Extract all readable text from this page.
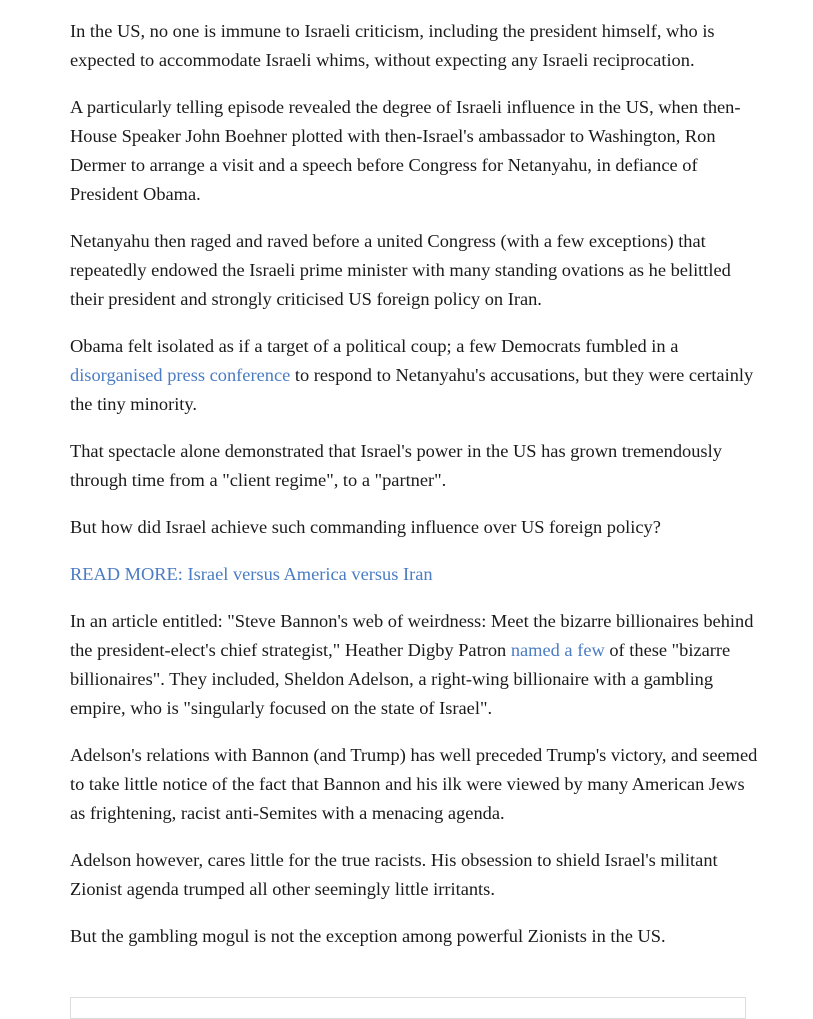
In the US, no one is immune to Israeli criticism, including the president himself, who is expected to accommodate Israeli whims, without expecting any Israeli reciprocation.

A particularly telling episode revealed the degree of Israeli influence in the US, when then-House Speaker John Boehner plotted with then-Israel's ambassador to Washington, Ron Dermer to arrange a visit and a speech before Congress for Netanyahu, in defiance of President Obama.

Netanyahu then raged and raved before a united Congress (with a few exceptions) that repeatedly endowed the Israeli prime minister with many standing ovations as he belittled their president and strongly criticised US foreign policy on Iran.

Obama felt isolated as if a target of a political coup; a few Democrats fumbled in a disorganised press conference to respond to Netanyahu's accusations, but they were certainly the tiny minority.

That spectacle alone demonstrated that Israel's power in the US has grown tremendously through time from a "client regime", to a "partner".

But how did Israel achieve such commanding influence over US foreign policy?

READ MORE: Israel versus America versus Iran

In an article entitled: "Steve Bannon's web of weirdness: Meet the bizarre billionaires behind the president-elect's chief strategist," Heather Digby Patron named a few of these "bizarre billionaires". They included, Sheldon Adelson, a right-wing billionaire with a gambling empire, who is "singularly focused on the state of Israel".

Adelson's relations with Bannon (and Trump) has well preceded Trump's victory, and seemed to take little notice of the fact that Bannon and his ilk were viewed by many American Jews as frightening, racist anti-Semites with a menacing agenda.

Adelson however, cares little for the true racists. His obsession to shield Israel's militant Zionist agenda trumped all other seemingly little irritants.

But the gambling mogul is not the exception among powerful Zionists in the US.
